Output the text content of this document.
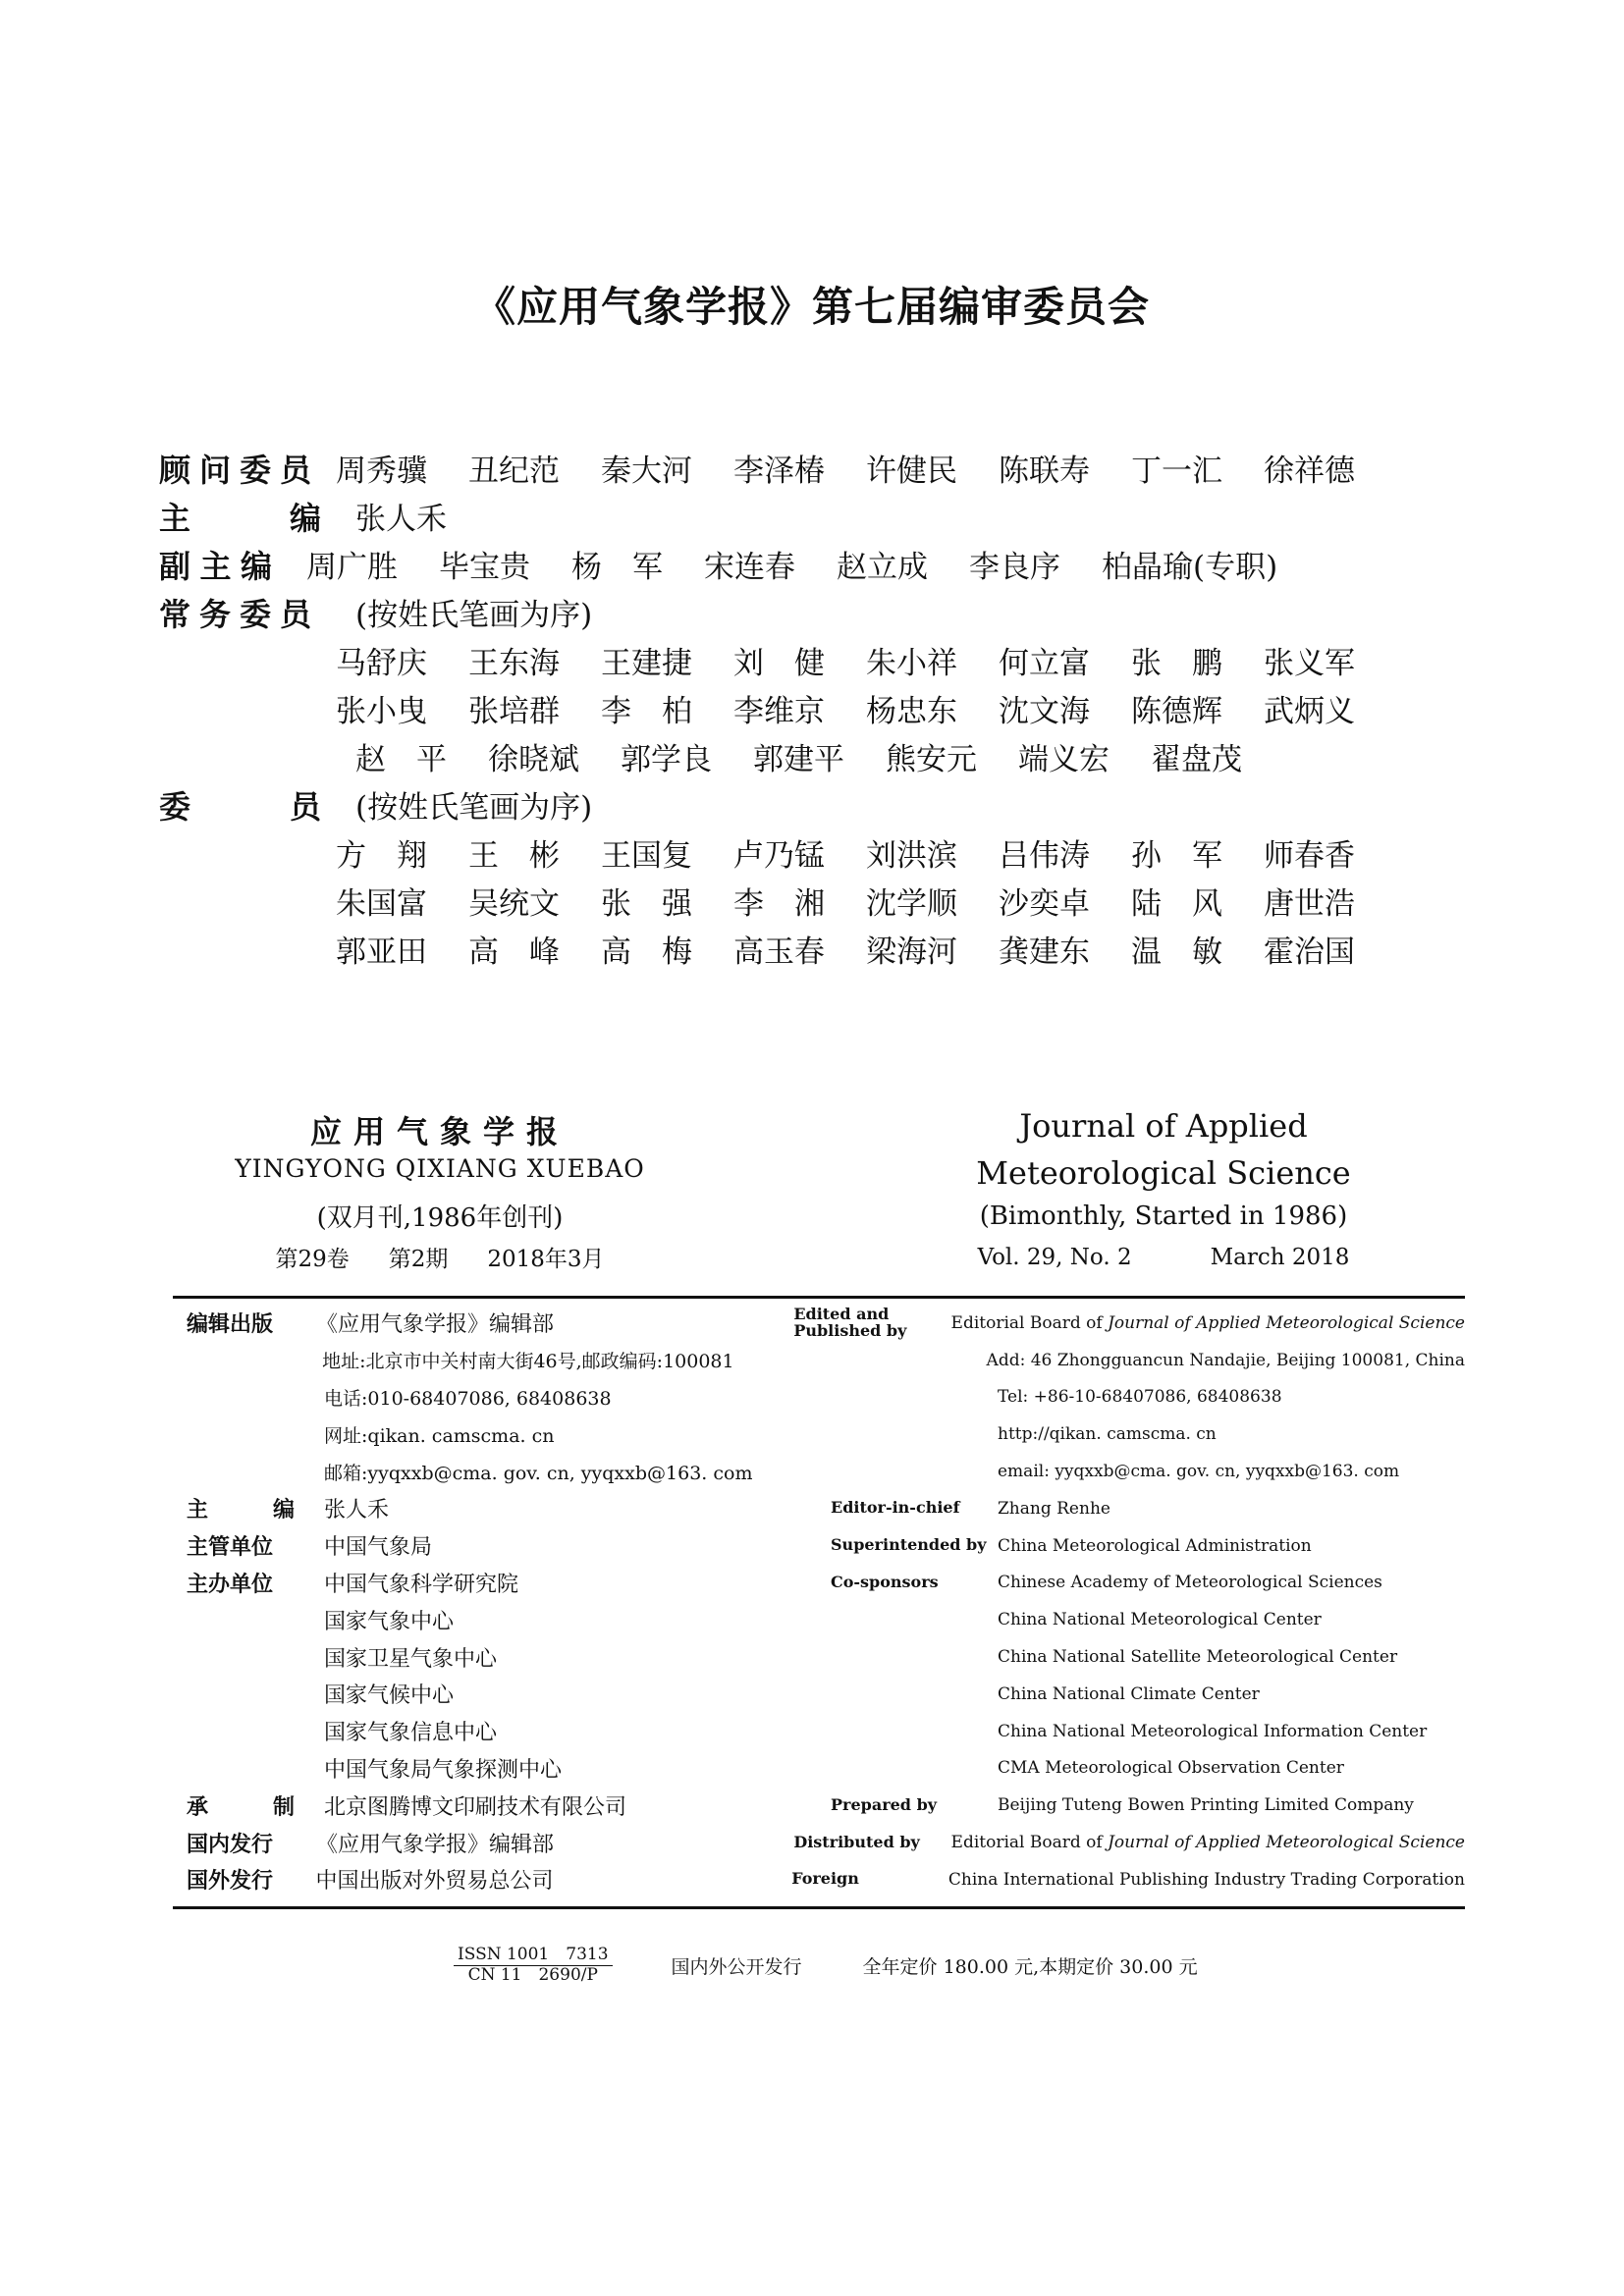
《应用气象学报》第七届编审委员会
顾问委员 周秀骥	丑纪范	秦大河	李泽椿	许健民	陈联寿	丁一汇	徐祥德
主	编 张人禾
副 主 编 周广胜	毕宝贵	杨　军	宋连春	赵立成	李良序	柏晶瑜(专职)
常务委员	(按姓氏笔画为序)
马舒庆	王东海	王建捷	刘　健	朱小祥	何立富	张　鹏	张义军
张小曳	张培群	李　柏	李维京	杨忠东	沈文海	陈德辉	武炳义
赵　平	徐晓斌	郭学良	郭建平	熊安元	端义宏	翟盘茂
委	员 (按姓氏笔画为序)
方　翔	王　彬	王国复	卢乃锰	刘洪滨	吕伟涛	孙　军	师春香
朱国富	吴统文	张　强	李　湘	沈学顺	沙奕卓	陆　风	唐世浩
郭亚田	高　峰	高　梅	高玉春	梁海河	龚建东	温　敏	霍治国
应用气象学报
YINGYONG QIXIANG XUEBAO
(双月刊,1986年创刊)
第29卷 第2期 2018年3月
Journal of Applied
Meteorological Science
(Bimonthly, Started in 1986)
Vol. 29, No. 2	March 2018
编辑出版	《应用气象学报》编辑部	Edited and Published by	Editorial Board of Journal of Applied Meteorological Science
地址:北京市中关村南大街46号,邮政编码:100081	Add: 46 Zhongguancun Nandajie, Beijing 100081, China
电话:010-68407086, 68408638	Tel: +86-10-68407086, 68408638
网址:qikan. camscma. cn	http://qikan. camscma. cn
邮箱:yyqxxb@cma. gov. cn, yyqxxb@163. com	email: yyqxxb@cma. gov. cn, yyqxxb@163. com
主	编 张人禾	Editor-in-chief	Zhang Renhe
主管单位	中国气象局	Superintended by China Meteorological Administration
主办单位	中国气象科学研究院	Co-sponsors	Chinese Academy of Meteorological Sciences
国家气象中心	China National Meteorological Center
国家卫星气象中心	China National Satellite Meteorological Center
国家气候中心	China National Climate Center
国家气象信息中心	China National Meteorological Information Center
中国气象局气象探测中心	CMA Meteorological Observation Center
承	制 北京图腾博文印刷技术有限公司	Prepared by	Beijing Tuteng Bowen Printing Limited Company
国内发行	《应用气象学报》编辑部	Distributed by	Editorial Board of Journal of Applied Meteorological Science
国外发行	中国出版对外贸易总公司	Foreign	China International Publishing Industry Trading Corporation
ISSN 1001　7313
CN 11　2690/P	国内外公开发行	全年定价 180.00 元,本期定价 30.00 元
